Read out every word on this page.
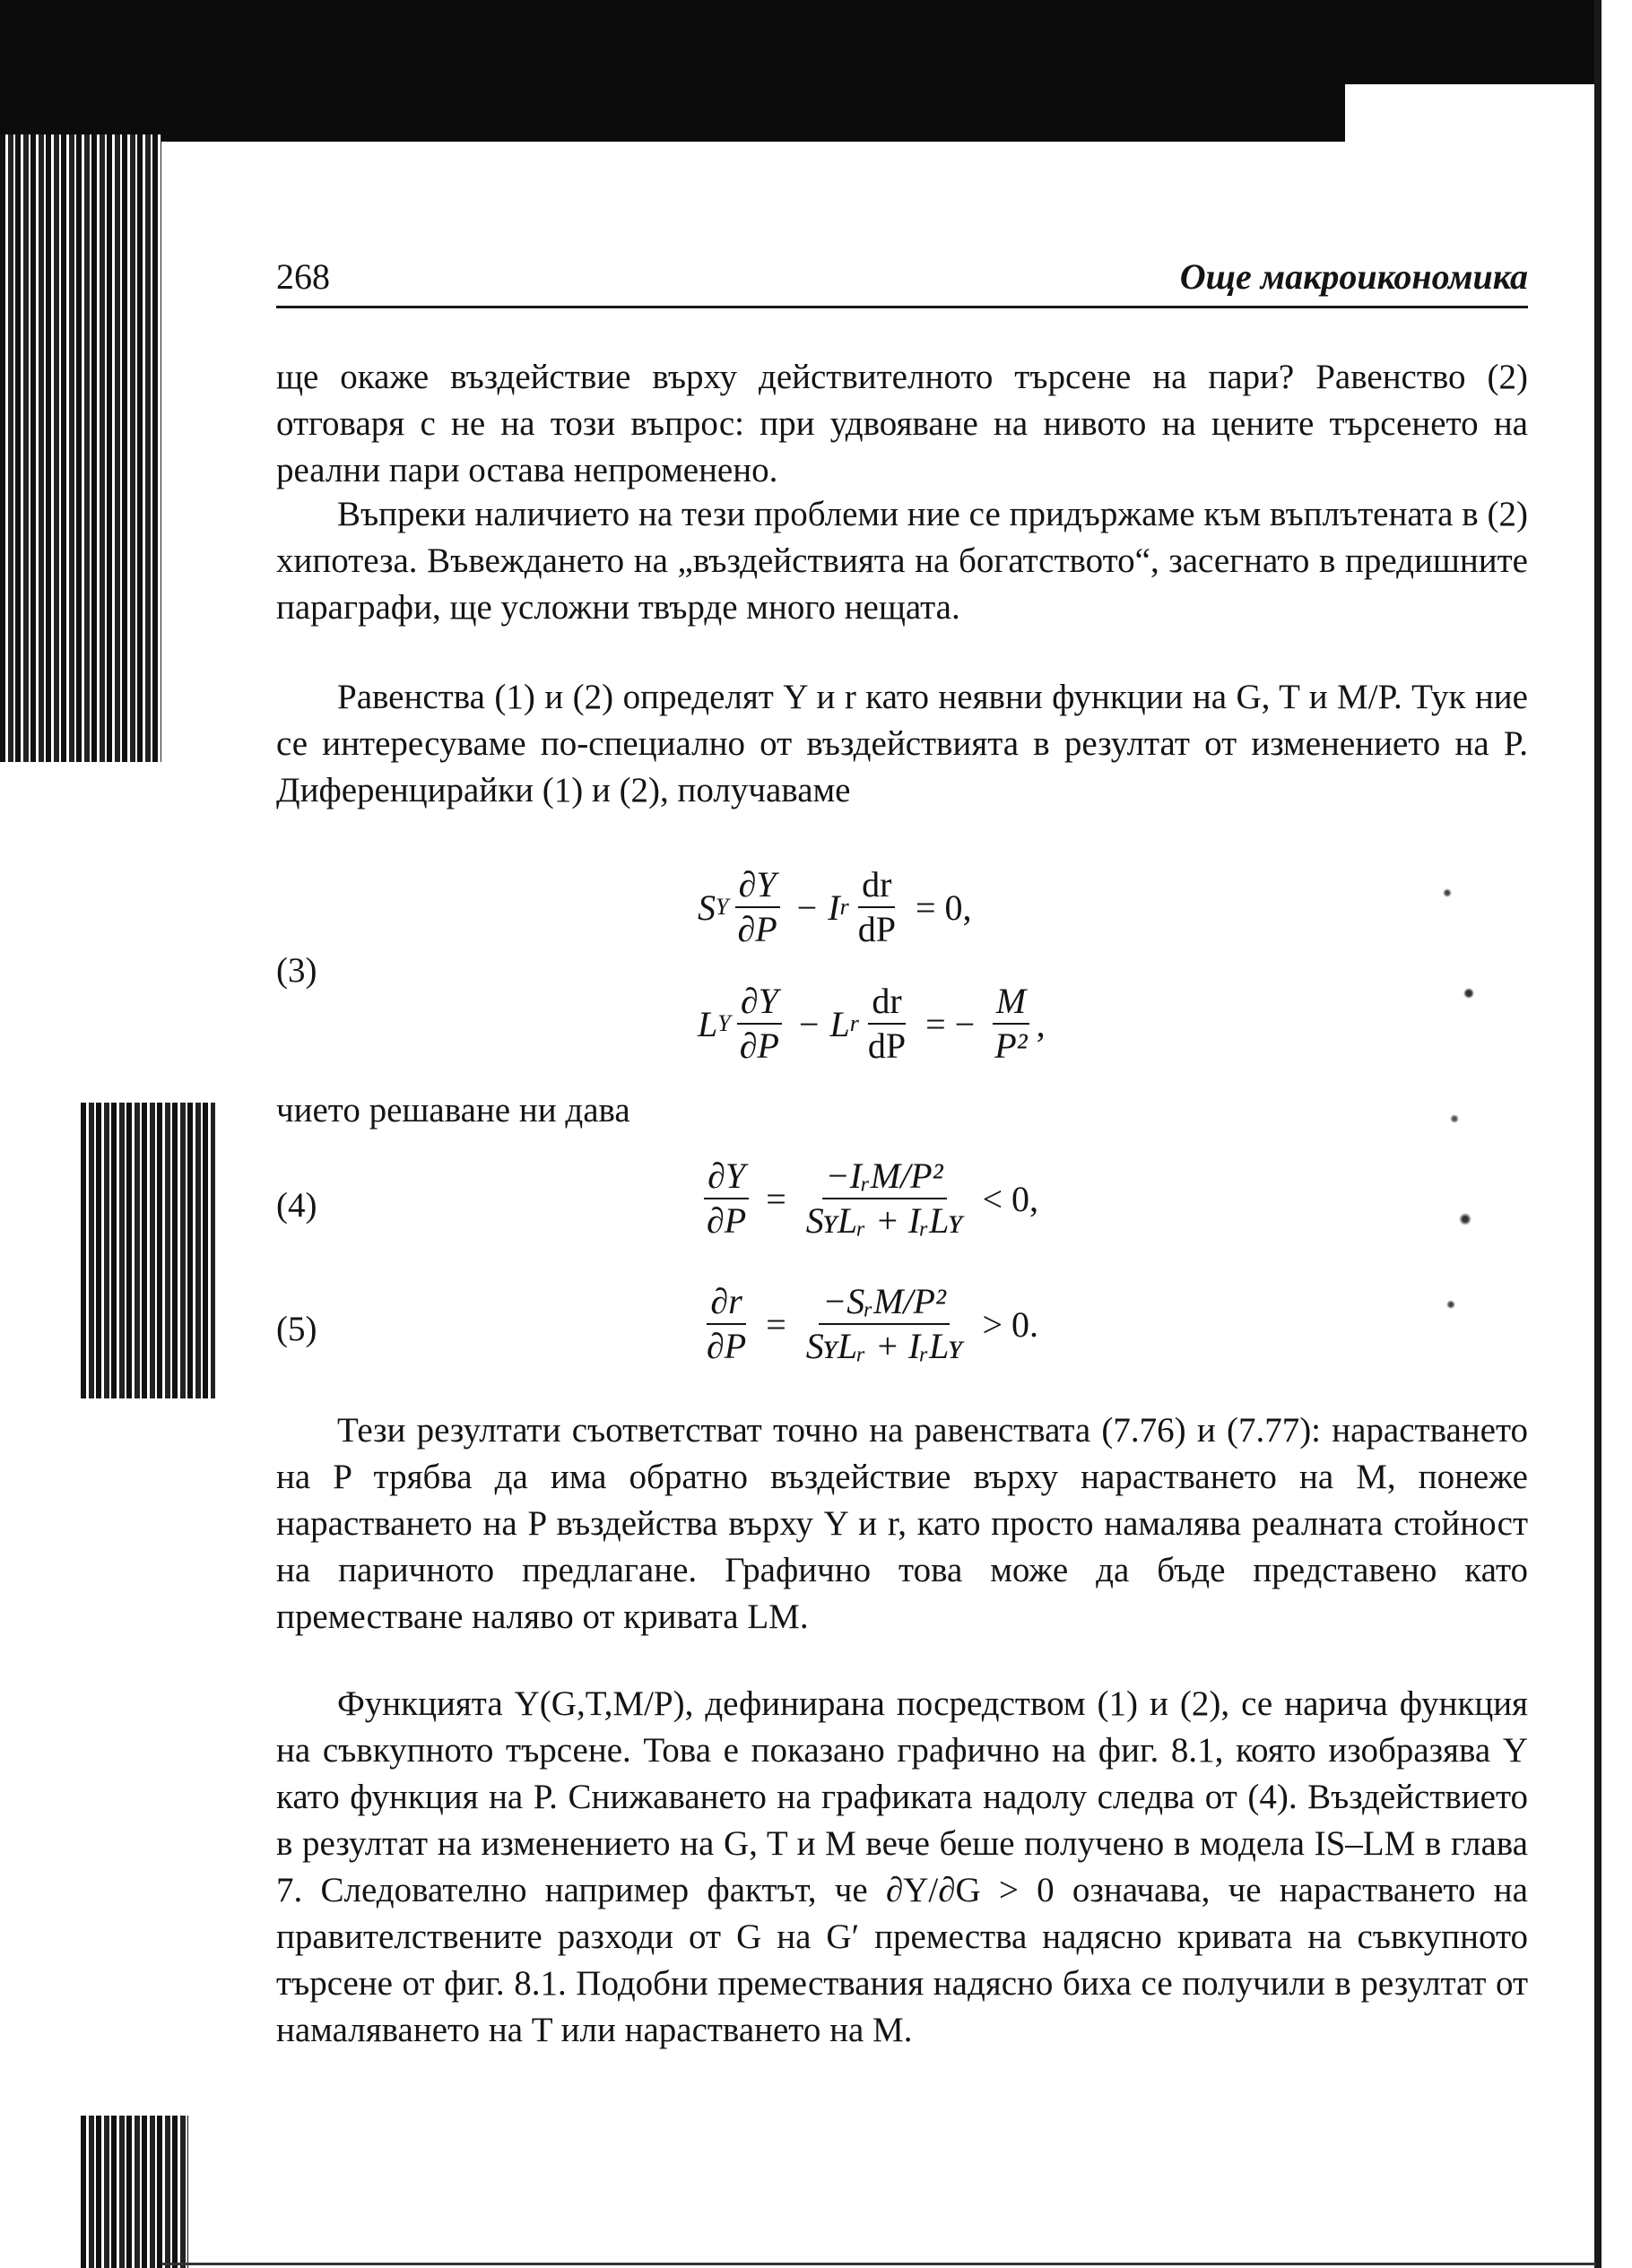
268	Още макроикономика
ще окаже въздействие върху действителното търсене на пари? Равенство (2) отговаря с не на този въпрос: при удвояване на нивото на цените търсенето на реални пари остава непроменено.
Въпреки наличието на тези проблеми ние се придържаме към въплътената в (2) хипотеза. Въвеждането на „въздействията на богатството“, засегнато в предишните параграфи, ще усложни твърде много нещата.
Равенства (1) и (2) определят Y и r като неявни функции на G, T и M/P. Тук ние се интересуваме по-специално от въздействията в резултат от изменението на P. Диференцирайки (1) и (2), получаваме
(3)
S Y $\frac{\partial Y}{\partial P} - I$ r $\frac{dr}{dP} = 0$,
L Y $\frac{\partial Y}{\partial P} - L$ r $\frac{dr}{dP}$ = − $\frac{M}{\text{P²}}$ ,
чието решаване ни дава
(4)	$\frac{\partial Y}{\partial P} = \frac{\text{−IᵣM/P²}}{\text{SʏLᵣ + IᵣLʏ}} < 0$,
(5)	$\frac{\partial r}{\partial P} = \frac{\text{−SᵣM/P²}}{\text{SʏLᵣ + IᵣLʏ}} > 0$.
Тези резултати съответстват точно на равенствата (7.76) и (7.77): нарастването на P трябва да има обратно въздействие върху нарастването на M, понеже нарастването на P въздейства върху Y и r, като просто намалява реалната стойност на паричното предлагане. Графично това може да бъде представено като преместване наляво от кривата LM.
Функцията Y(G,T,M/P), дефинирана посредством (1) и (2), се нарича функция на съвкупното търсене. Това е показано графично на фиг. 8.1, която изобразява Y като функция на P. Снижаването на графиката надолу следва от (4). Въздействието в резултат на изменението на G, T и M вече беше получено в модела IS–LM в глава 7. Следователно например фактът, че ∂Y/∂G > 0 означава, че нарастването на правителствените разходи от G на G′ премества надясно кривата на съвкупното търсене от фиг. 8.1. Подобни премествания надясно биха се получили в резултат от намаляването на T или нарастването на M.
